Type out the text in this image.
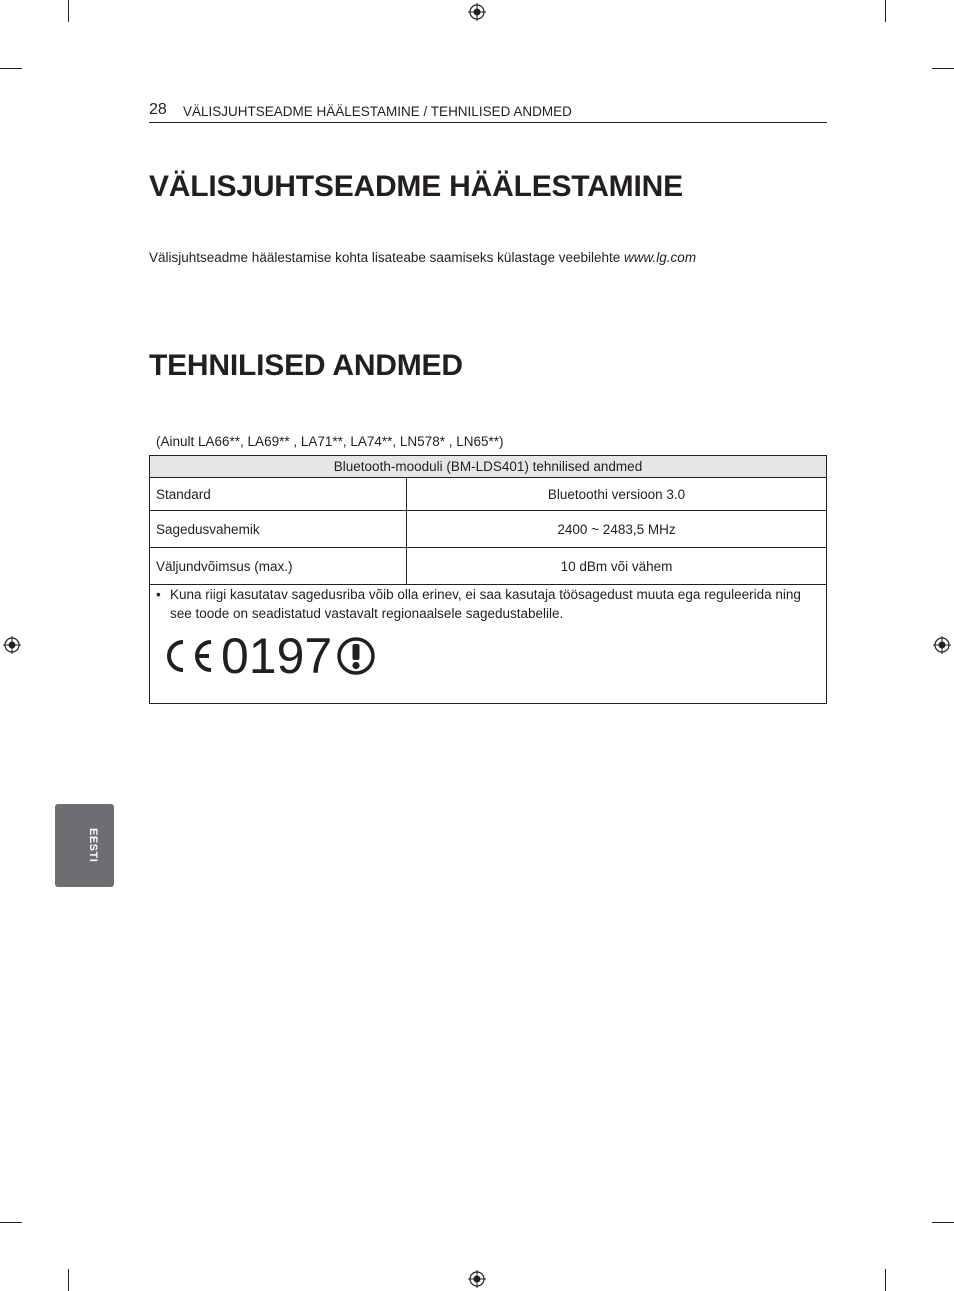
28 VÄLISJUHTSEADME HÄÄLESTAMINE / TEHNILISED ANDMED
VÄLISJUHTSEADME HÄÄLESTAMINE
Välisjuhtseadme häälestamise kohta lisateabe saamiseks külastage veebilehte www.lg.com
TEHNILISED ANDMED
(Ainult LA66**, LA69** , LA71**, LA74**, LN578* , LN65**)
Bluetooth-mooduli (BM-LDS401) tehnilised andmed	
Standard	Bluetoothi versioon 3.0
Sagedusvahemik	2400 ~ 2483,5 MHz
Väljundvõimsus (max.)	10 dBm või vähem

• Kuna riigi kasutatav sagedusriba võib olla erinev, ei saa kasutaja töösagedust muuta ega reguleerida ning see toode on seadistatud vastavalt regionaalsele sagedustabelile.
0197	
EESTI
